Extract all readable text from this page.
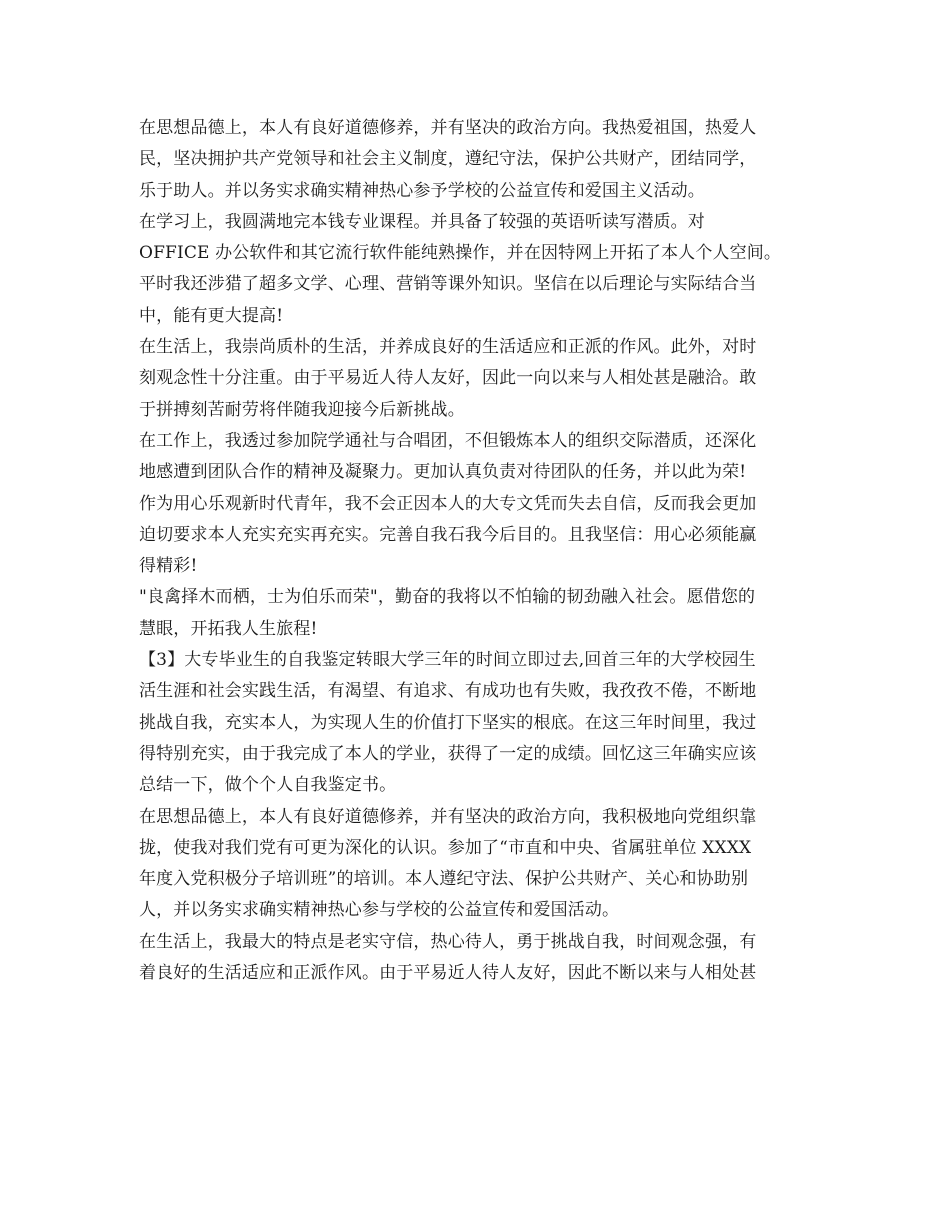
在思想品德上，本人有良好道德修养，并有坚决的政治方向。我热爱祖国，热爱人
民，坚决拥护共产党领导和社会主义制度，遵纪守法，保护公共财产，团结同学，
乐于助人。并以务实求确实精神热心参予学校的公益宣传和爱国主义活动。
在学习上，我圆满地完本钱专业课程。并具备了较强的英语听读写潜质。对
OFFICE 办公软件和其它流行软件能纯熟操作，并在因特网上开拓了本人个人空间。
平时我还涉猎了超多文学、心理、营销等课外知识。坚信在以后理论与实际结合当
中，能有更大提高!
在生活上，我崇尚质朴的生活，并养成良好的生活适应和正派的作风。此外，对时
刻观念性十分注重。由于平易近人待人友好，因此一向以来与人相处甚是融洽。敢
于拼搏刻苦耐劳将伴随我迎接今后新挑战。
在工作上，我透过参加院学通社与合唱团，不但锻炼本人的组织交际潜质，还深化
地感遭到团队合作的精神及凝聚力。更加认真负责对待团队的任务，并以此为荣!
作为用心乐观新时代青年，我不会正因本人的大专文凭而失去自信，反而我会更加
迫切要求本人充实充实再充实。完善自我石我今后目的。且我坚信：用心必须能赢
得精彩!
"良禽择木而栖，士为伯乐而荣"，勤奋的我将以不怕输的韧劲融入社会。愿借您的
慧眼，开拓我人生旅程!
【3】大专毕业生的自我鉴定转眼大学三年的时间立即过去,回首三年的大学校园生
活生涯和社会实践生活，有渴望、有追求、有成功也有失败，我孜孜不倦，不断地
挑战自我，充实本人，为实现人生的价值打下坚实的根底。在这三年时间里，我过
得特别充实，由于我完成了本人的学业，获得了一定的成绩。回忆这三年确实应该
总结一下，做个个人自我鉴定书。
在思想品德上，本人有良好道德修养，并有坚决的政治方向，我积极地向党组织靠
拢，使我对我们党有可更为深化的认识。参加了“市直和中央、省属驻单位 XXXX
年度入党积极分子培训班”的培训。本人遵纪守法、保护公共财产、关心和协助别
人，并以务实求确实精神热心参与学校的公益宣传和爱国活动。
在生活上，我最大的特点是老实守信，热心待人，勇于挑战自我，时间观念强，有
着良好的生活适应和正派作风。由于平易近人待人友好，因此不断以来与人相处甚
